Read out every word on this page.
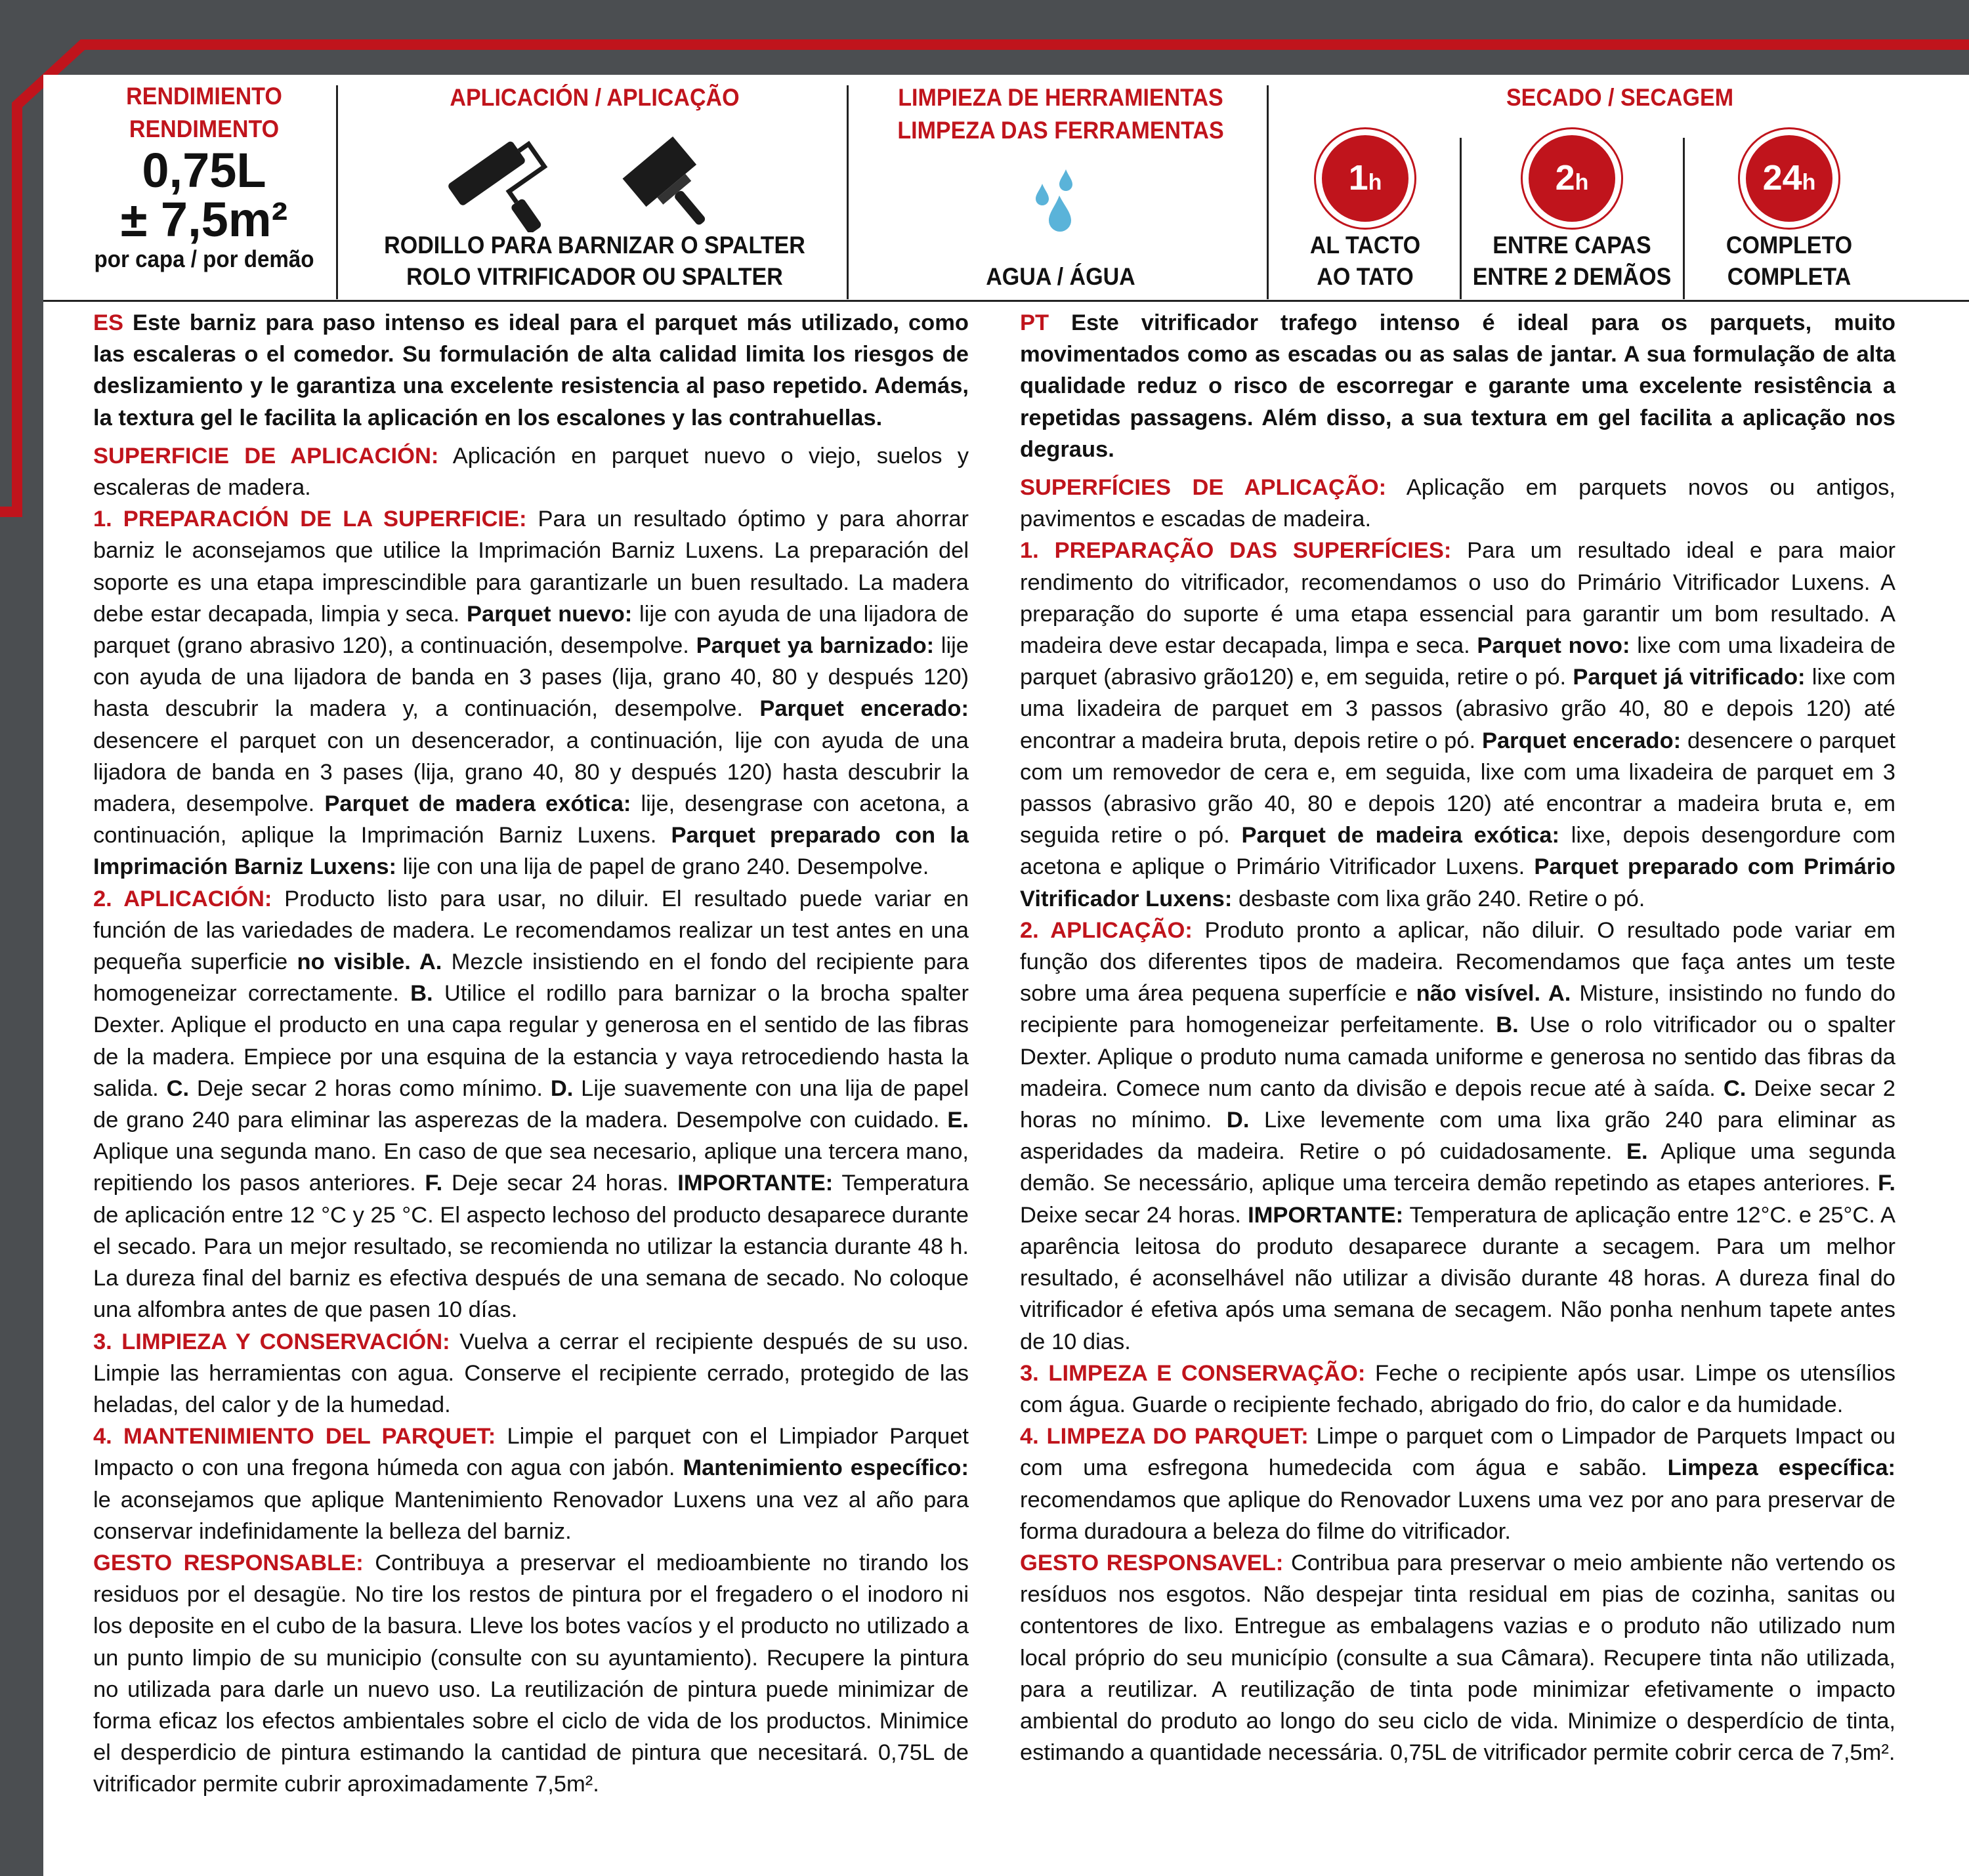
RENDIMIENTO
RENDIMENTO
0,75L
± 7,5m²
por capa / por demão
APLICACIÓN / APLICAÇÃO
RODILLO PARA BARNIZAR O SPALTER
ROLO VITRIFICADOR OU SPALTER
LIMPIEZA DE HERRAMIENTAS
LIMPEZA DAS FERRAMENTAS
AGUA / ÁGUA
SECADO / SECAGEM
1h
AL TACTO
AO TATO
2h
ENTRE CAPAS
ENTRE 2 DEMÃOS
24h
COMPLETO
COMPLETA

ES Este barniz para paso intenso es ideal para el parquet más utilizado, como las escaleras o el comedor. Su formulación de alta calidad limita los riesgos de deslizamiento y le garantiza una excelente resistencia al paso repetido. Además, la textura gel le facilita la aplicación en los escalones y las contrahuellas.

SUPERFICIE DE APLICACIÓN: Aplicación en parquet nuevo o viejo, suelos y escaleras de madera.

1. PREPARACIÓN DE LA SUPERFICIE: Para un resultado óptimo y para ahorrar barniz le aconsejamos que utilice la Imprimación Barniz Luxens. La preparación del soporte es una etapa imprescindible para garantizarle un buen resultado. La madera debe estar decapada, limpia y seca. Parquet nuevo: lije con ayuda de una lijadora de parquet (grano abrasivo 120), a continuación, desempolve. Parquet ya barnizado: lije con ayuda de una lijadora de banda en 3 pases (lija, grano 40, 80 y después 120) hasta descubrir la madera y, a continuación, desempolve. Parquet encerado: desencere el parquet con un desencerador, a continuación, lije con ayuda de una lijadora de banda en 3 pases (lija, grano 40, 80 y después 120) hasta descubrir la madera, desempolve. Parquet de madera exótica: lije, desengrase con acetona, a continuación, aplique la Imprimación Barniz Luxens. Parquet preparado con la Imprimación Barniz Luxens: lije con una lija de papel de grano 240. Desempolve.

2. APLICACIÓN: Producto listo para usar, no diluir. El resultado puede variar en función de las variedades de madera. Le recomendamos realizar un test antes en una pequeña superficie no visible. A. Mezcle insistiendo en el fondo del recipiente para homogeneizar correctamente. B. Utilice el rodillo para barnizar o la brocha spalter Dexter. Aplique el producto en una capa regular y generosa en el sentido de las fibras de la madera. Empiece por una esquina de la estancia y vaya retrocediendo hasta la salida. C. Deje secar 2 horas como mínimo. D. Lije suavemente con una lija de papel de grano 240 para eliminar las asperezas de la madera. Desempolve con cuidado. E. Aplique una segunda mano. En caso de que sea necesario, aplique una tercera mano, repitiendo los pasos anteriores. F. Deje secar 24 horas. IMPORTANTE: Temperatura de aplicación entre 12 °C y 25 °C. El aspecto lechoso del producto desaparece durante el secado. Para un mejor resultado, se recomienda no utilizar la estancia durante 48 h. La dureza final del barniz es efectiva después de una semana de secado. No coloque una alfombra antes de que pasen 10 días.

3. LIMPIEZA Y CONSERVACIÓN: Vuelva a cerrar el recipiente después de su uso. Limpie las herramientas con agua. Conserve el recipiente cerrado, protegido de las heladas, del calor y de la humedad.

4. MANTENIMIENTO DEL PARQUET: Limpie el parquet con el Limpiador Parquet Impacto o con una fregona húmeda con agua con jabón. Mantenimiento específico: le aconsejamos que aplique Mantenimiento Renovador Luxens una vez al año para conservar indefinidamente la belleza del barniz.

GESTO RESPONSABLE: Contribuya a preservar el medioambiente no tirando los residuos por el desagüe. No tire los restos de pintura por el fregadero o el inodoro ni los deposite en el cubo de la basura. Lleve los botes vacíos y el producto no utilizado a un punto limpio de su municipio (consulte con su ayuntamiento). Recupere la pintura no utilizada para darle un nuevo uso. La reutilización de pintura puede minimizar de forma eficaz los efectos ambientales sobre el ciclo de vida de los productos. Minimice el desperdicio de pintura estimando la cantidad de pintura que necesitará. 0,75L de vitrificador permite cubrir aproximadamente 7,5m².

PT Este vitrificador trafego intenso é ideal para os parquets, muito movimentados como as escadas ou as salas de jantar. A sua formulação de alta qualidade reduz o risco de escorregar e garante uma excelente resistência a repetidas passagens. Além disso, a sua textura em gel facilita a aplicação nos degraus.

SUPERFÍCIES DE APLICAÇÃO: Aplicação em parquets novos ou antigos, pavimentos e escadas de madeira.

1. PREPARAÇÃO DAS SUPERFÍCIES: Para um resultado ideal e para maior rendimento do vitrificador, recomendamos o uso do Primário Vitrificador Luxens. A preparação do suporte é uma etapa essencial para garantir um bom resultado. A madeira deve estar decapada, limpa e seca. Parquet novo: lixe com uma lixadeira de parquet (abrasivo grão120) e, em seguida, retire o pó. Parquet já vitrificado: lixe com uma lixadeira de parquet em 3 passos (abrasivo grão 40, 80 e depois 120) até encontrar a madeira bruta, depois retire o pó. Parquet encerado: desencere o parquet com um removedor de cera e, em seguida, lixe com uma lixadeira de parquet em 3 passos (abrasivo grão 40, 80 e depois 120) até encontrar a madeira bruta e, em seguida retire o pó. Parquet de madeira exótica: lixe, depois desengordure com acetona e aplique o Primário Vitrificador Luxens. Parquet preparado com Primário Vitrificador Luxens: desbaste com lixa grão 240. Retire o pó.

2. APLICAÇÃO: Produto pronto a aplicar, não diluir. O resultado pode variar em função dos diferentes tipos de madeira. Recomendamos que faça antes um teste sobre uma área pequena superfície e não visível. A. Misture, insistindo no fundo do recipiente para homogeneizar perfeitamente. B. Use o rolo vitrificador ou o spalter Dexter. Aplique o produto numa camada uniforme e generosa no sentido das fibras da madeira. Comece num canto da divisão e depois recue até à saída. C. Deixe secar 2 horas no mínimo. D. Lixe levemente com uma lixa grão 240 para eliminar as asperidades da madeira. Retire o pó cuidadosamente. E. Aplique uma segunda demão. Se necessário, aplique uma terceira demão repetindo as etapes anteriores. F. Deixe secar 24 horas. IMPORTANTE: Temperatura de aplicação entre 12°C. e 25°C. A aparência leitosa do produto desaparece durante a secagem. Para um melhor resultado, é aconselhável não utilizar a divisão durante 48 horas. A dureza final do vitrificador é efetiva após uma semana de secagem. Não ponha nenhum tapete antes de 10 dias.

3. LIMPEZA E CONSERVAÇÃO: Feche o recipiente após usar. Limpe os utensílios com água. Guarde o recipiente fechado, abrigado do frio, do calor e da humidade.

4. LIMPEZA DO PARQUET: Limpe o parquet com o Limpador de Parquets Impact ou com uma esfregona humedecida com água e sabão. Limpeza específica: recomendamos que aplique do Renovador Luxens uma vez por ano para preservar de forma duradoura a beleza do filme do vitrificador.

GESTO RESPONSAVEL: Contribua para preservar o meio ambiente não vertendo os resíduos nos esgotos. Não despejar tinta residual em pias de cozinha, sanitas ou contentores de lixo. Entregue as embalagens vazias e o produto não utilizado num local próprio do seu município (consulte a sua Câmara). Recupere tinta não utilizada, para a reutilizar. A reutilização de tinta pode minimizar efetivamente o impacto ambiental do produto ao longo do seu ciclo de vida. Minimize o desperdício de tinta, estimando a quantidade necessária. 0,75L de vitrificador permite cobrir cerca de 7,5m².
